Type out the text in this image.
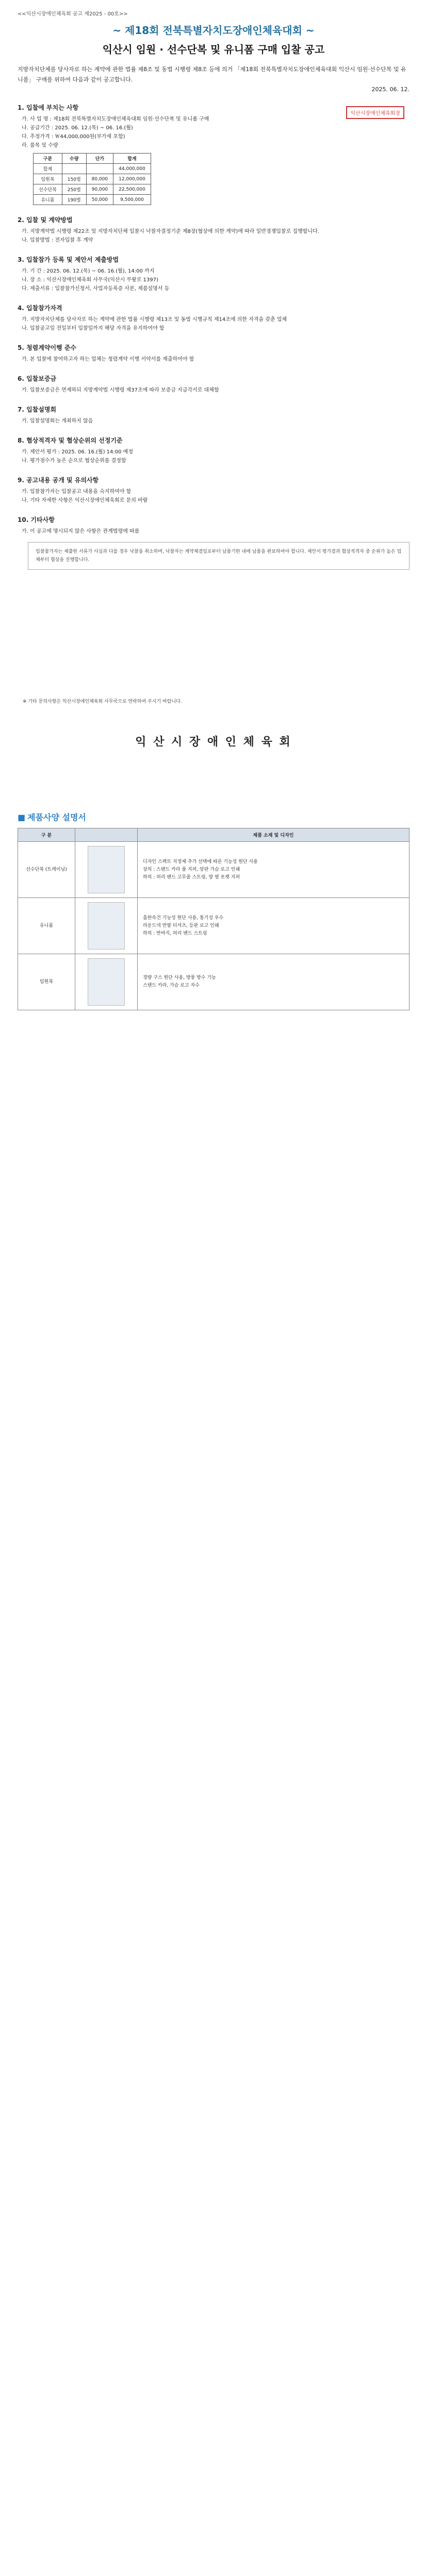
<<익산시장애인체육회 공고 제2025 - 00호>>
~ 제18회 전북특별자치도장애인체육대회 ~
익산시 임원 · 선수단복 및 유니폼 구매 입찰 공고
지방자치단체를 당사자로 하는 계약에 관한 법률 제8조 및 동법 시행령 제8조 등에 의거 「제18회 전북특별자치도장애인체육대회 익산시 임원·선수단복 및 유니폼」 구매를 위하여 다음과 같이 공고합니다.
2025. 06. 12.
익산시장애인체육회장
1. 입찰에 부치는 사항

가. 사 업 명 : 제18회 전북특별자치도장애인체육대회 임원·선수단복 및 유니폼 구매

나. 공급기간 : 2025. 06. 12.(목) ~ 06. 16.(월)

다. 추정가격 : ￦44,000,000원(부가세 포함)

라. 품목 및 수량

구분	수량	단가	합계
합계			44,000,000
임원복	150벌	80,000	12,000,000
선수단복	250벌	90,000	22,500,000
유니폼	190벌	50,000	9,500,000
2. 입찰 및 계약방법

가. 지방계약법 시행령 제22조 및 지방자치단체 입찰시 낙찰자결정기준 제8장(협상에 의한 계약)에 따라 일반경쟁입찰로 집행합니다.

나. 입찰방법 : 전자입찰 후 계약

3. 입찰참가 등록 및 제안서 제출방법

가. 기 간 : 2025. 06. 12.(목) ~ 06. 16.(월), 14:00 까지

나. 장 소 : 익산시장애인체육회 사무국(익산시 무왕로 1397)

다. 제출서류 : 입찰참가신청서, 사업자등록증 사본, 제품설명서 등

4. 입찰참가자격

가. 지방자치단체를 당사자로 하는 계약에 관한 법률 시행령 제13조 및 동법 시행규칙 제14조에 의한 자격을 갖춘 업체

나. 입찰공고일 전일부터 입찰일까지 해당 자격을 유지하여야 함

5. 청렴계약이행 준수

가. 본 입찰에 참여하고자 하는 업체는 청렴계약 이행 서약서를 제출하여야 함

6. 입찰보증금

가. 입찰보증금은 면제하되 지방계약법 시행령 제37조에 따라 보증금 지급각서로 대체함

7. 입찰설명회

가. 입찰설명회는 개최하지 않음

8. 협상적격자 및 협상순위의 선정기준

가. 제안서 평가 : 2025. 06. 16.(월) 14:00 예정

나. 평가점수가 높은 순으로 협상순위를 결정함

9. 공고내용 공개 및 유의사항

가. 입찰참가자는 입찰공고 내용을 숙지하여야 함

나. 기타 자세한 사항은 익산시장애인체육회로 문의 바람

10. 기타사항

가. 이 공고에 명시되지 않은 사항은 관계법령에 따름

입찰참가자는 제출한 서류가 사실과 다를 경우 낙찰을 취소하며, 낙찰자는 계약체결일로부터 납품기한 내에 납품을 완료하여야 합니다. 제안서 평가결과 협상적격자 중 순위가 높은 업체부터 협상을 진행합니다.
※ 기타 문의사항은 익산시장애인체육회 사무국으로 연락하여 주시기 바랍니다.
익 산 시 장 애 인 체 육 회
■ 제품사양 설명서
구 분		제품 소재 및 디자인
선수단복 (트레이닝)		디자인 스펙트 지정제 추가 선택에 따른 기능성 원단 사용
상의 : 스탠드 카라 풀 지퍼, 앞판 가슴 로고 인쇄
하의 : 허리 밴드 고무줄 스트링, 양 옆 포켓 지퍼
유니폼		흡한속건 기능성 원단 사용, 통기성 우수
라운드넥 반팔 티셔츠, 등판 로고 인쇄
하의 : 반바지, 허리 밴드 스트링
임원복		경량 구스 원단 사용, 방풍 방수 기능
스탠드 카라, 가슴 로고 자수
